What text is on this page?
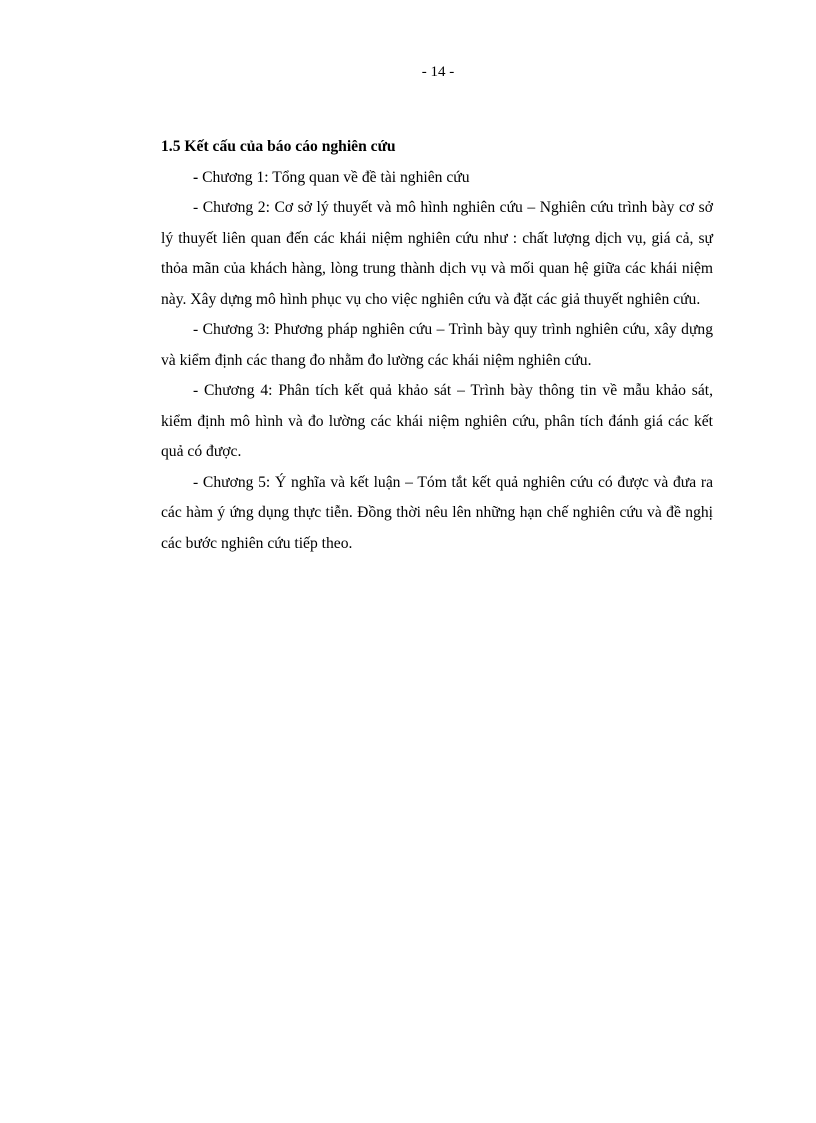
- 14 -
1.5 Kết cấu của báo cáo nghiên cứu

- Chương 1: Tổng quan về đề tài nghiên cứu

- Chương 2: Cơ sở lý thuyết và mô hình nghiên cứu – Nghiên cứu trình bày cơ sở lý thuyết liên quan đến các khái niệm nghiên cứu như : chất lượng dịch vụ, giá cả, sự thỏa mãn của khách hàng, lòng trung thành dịch vụ và mối quan hệ giữa các khái niệm này. Xây dựng mô hình phục vụ cho việc nghiên cứu và đặt các giả thuyết nghiên cứu.

- Chương 3: Phương pháp nghiên cứu – Trình bày quy trình nghiên cứu, xây dựng và kiểm định các thang đo nhằm đo lường các khái niệm nghiên cứu.

- Chương 4: Phân tích kết quả khảo sát – Trình bày thông tin về mẫu khảo sát, kiểm định mô hình và đo lường các khái niệm nghiên cứu, phân tích đánh giá các kết quả có được.

- Chương 5: Ý nghĩa và kết luận – Tóm tắt kết quả nghiên cứu có được và đưa ra các hàm ý ứng dụng thực tiễn. Đồng thời nêu lên những hạn chế nghiên cứu và đề nghị các bước nghiên cứu tiếp theo.
